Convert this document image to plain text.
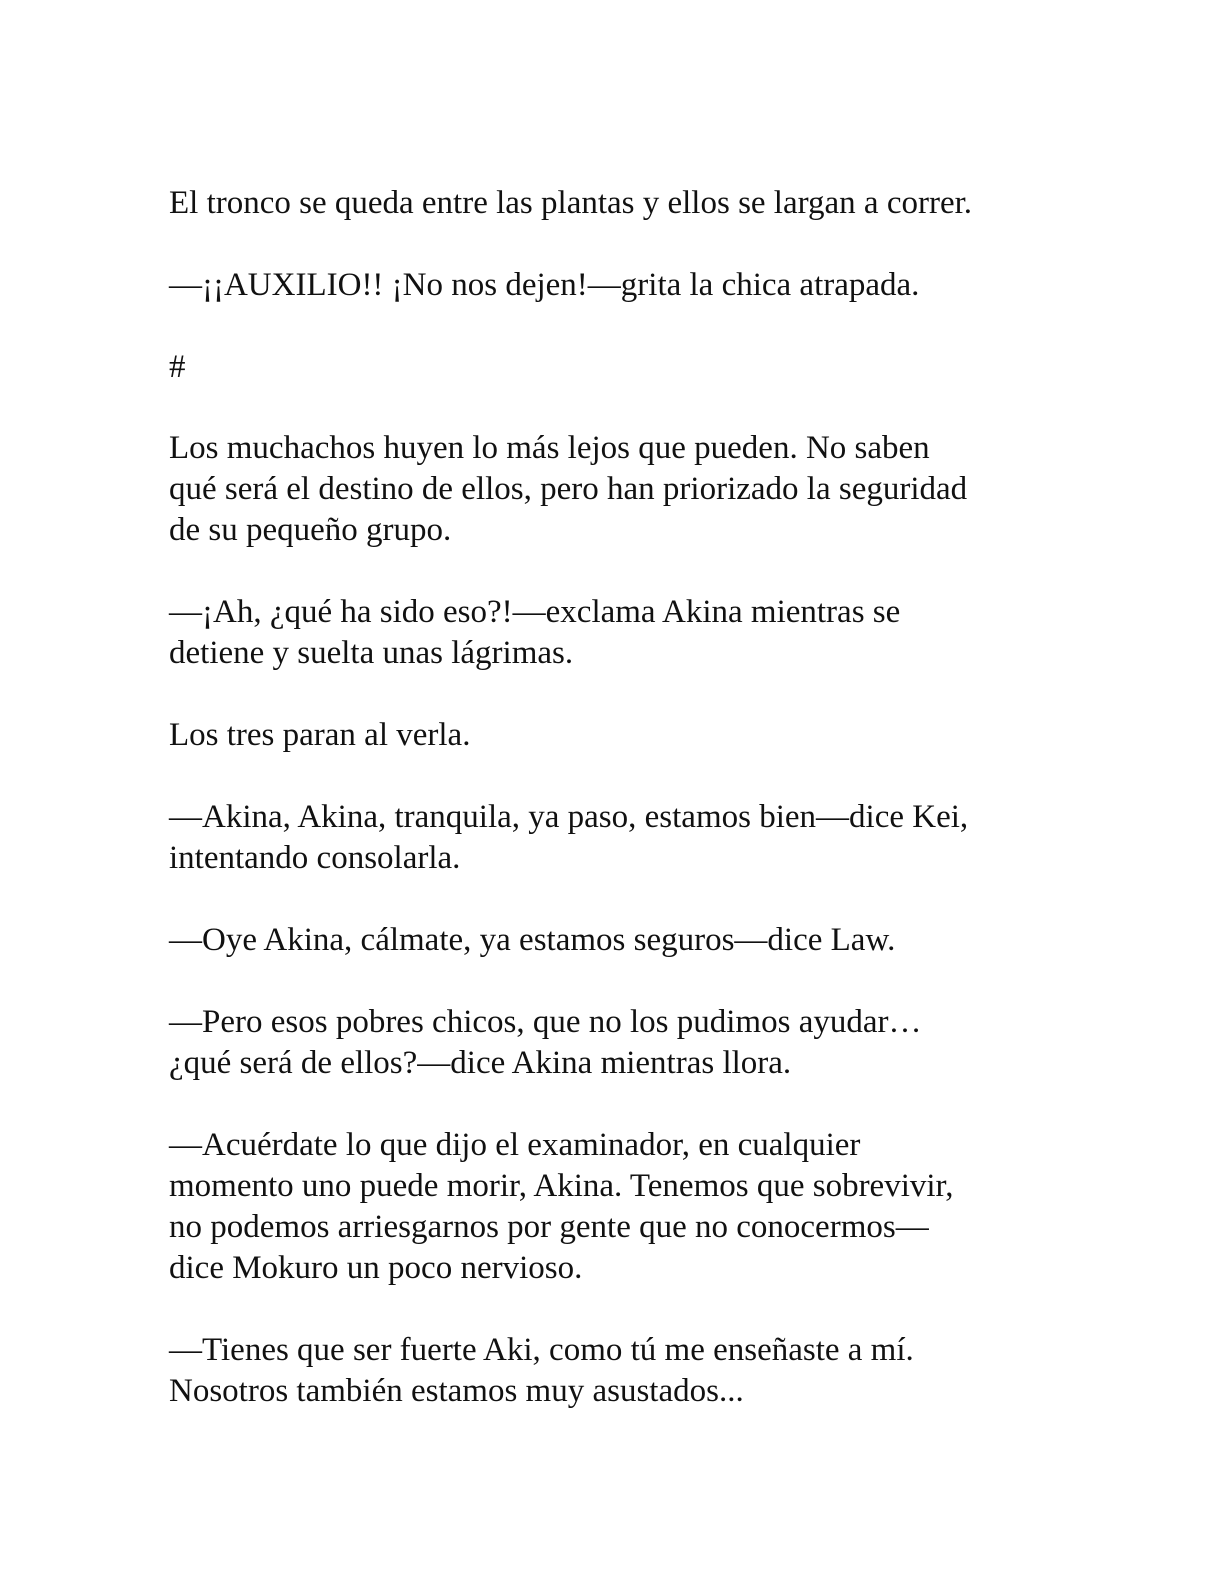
El tronco se queda entre las plantas y ellos se largan a correr.

—¡¡AUXILIO!! ¡No nos dejen!—grita la chica atrapada.

#

Los muchachos huyen lo más lejos que pueden. No saben
qué será el destino de ellos, pero han priorizado la seguridad
de su pequeño grupo.

—¡Ah, ¿qué ha sido eso?!—exclama Akina mientras se
detiene y suelta unas lágrimas.

Los tres paran al verla.

—Akina, Akina, tranquila, ya paso, estamos bien—dice Kei,
intentando consolarla.

—Oye Akina, cálmate, ya estamos seguros—dice Law.

—Pero esos pobres chicos, que no los pudimos ayudar…
¿qué será de ellos?—dice Akina mientras llora.

—Acuérdate lo que dijo el examinador, en cualquier
momento uno puede morir, Akina. Tenemos que sobrevivir,
no podemos arriesgarnos por gente que no conocermos—
dice Mokuro un poco nervioso.

—Tienes que ser fuerte Aki, como tú me enseñaste a mí.
Nosotros también estamos muy asustados...
